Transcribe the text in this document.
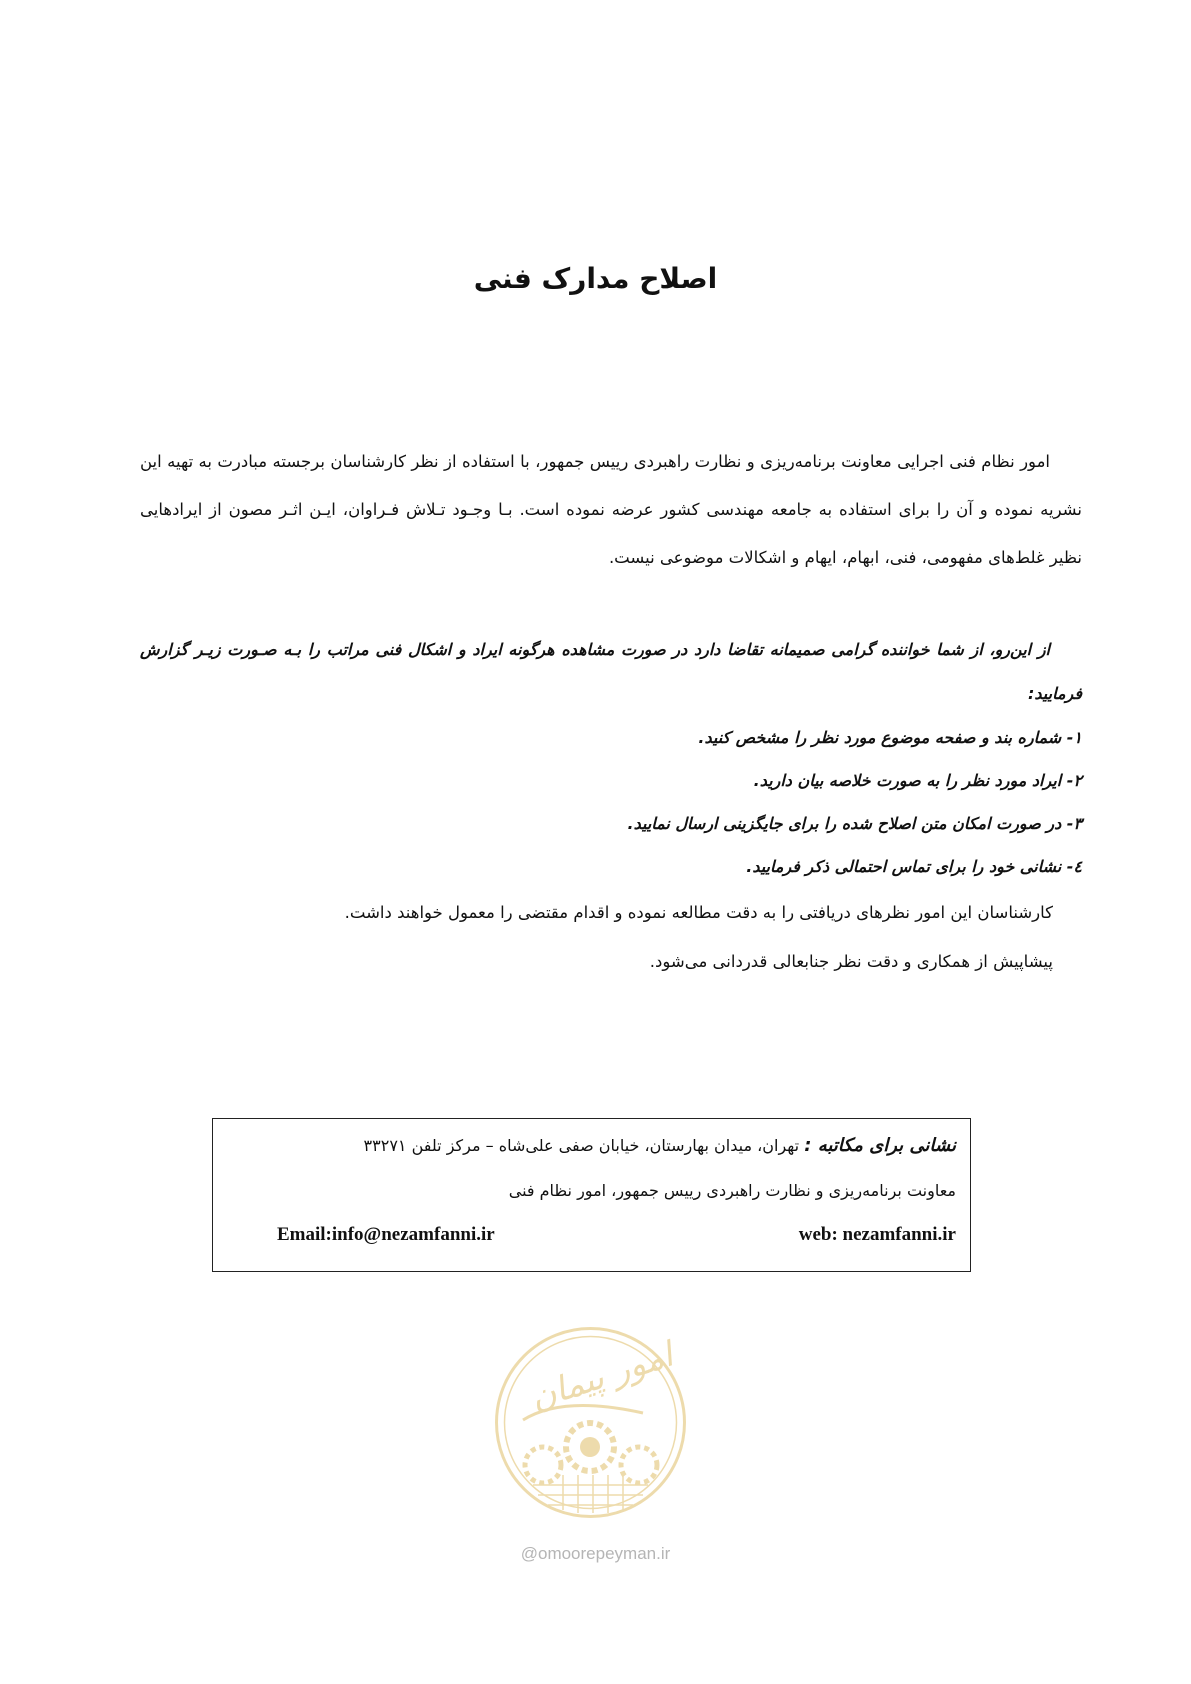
اصلاح مدارک فنی

امور نظام فنی اجرایی معاونت برنامه‌ریزی و نظارت راهبردی رییس جمهور، با استفاده از نظر کارشناسان برجسته مبادرت به تهیه این نشریه نموده و آن را برای استفاده به جامعه مهندسی کشور عرضه نموده است. بـا وجـود تـلاش فـراوان، ایـن اثـر مصون از ایرادهایی نظیر غلط‌های مفهومی، فنی، ابهام، ایهام و اشکالات موضوعی نیست.

از این‌رو، از شما خواننده گرامی صمیمانه تقاضا دارد در صورت مشاهده هرگونه ایراد و اشکال فنی مراتب را بـه صـورت زیـر گزارش فرمایید:

۱- شماره بند و صفحه موضوع مورد نظر را مشخص کنید.
۲- ایراد مورد نظر را به صورت خلاصه بیان دارید.
۳- در صورت امکان متن اصلاح شده را برای جایگزینی ارسال نمایید.
٤- نشانی خود را برای تماس احتمالی ذکر فرمایید.

کارشناسان این امور نظرهای دریافتی را به دقت مطالعه نموده و اقدام مقتضی را معمول خواهند داشت.

پیشاپیش از همکاری و دقت نظر جنابعالی قدردانی می‌شود.

نشانی برای مکاتبه : تهران، میدان بهارستان، خیابان صفی علی‌شاه – مرکز تلفن ۳۳۲۷۱

معاونت برنامه‌ریزی و نظارت راهبردی رییس جمهور، امور نظام فنی

web: nezamfanni.ir
Email:info@nezamfanni.ir
امور پیمان
@omoorepeyman.ir
